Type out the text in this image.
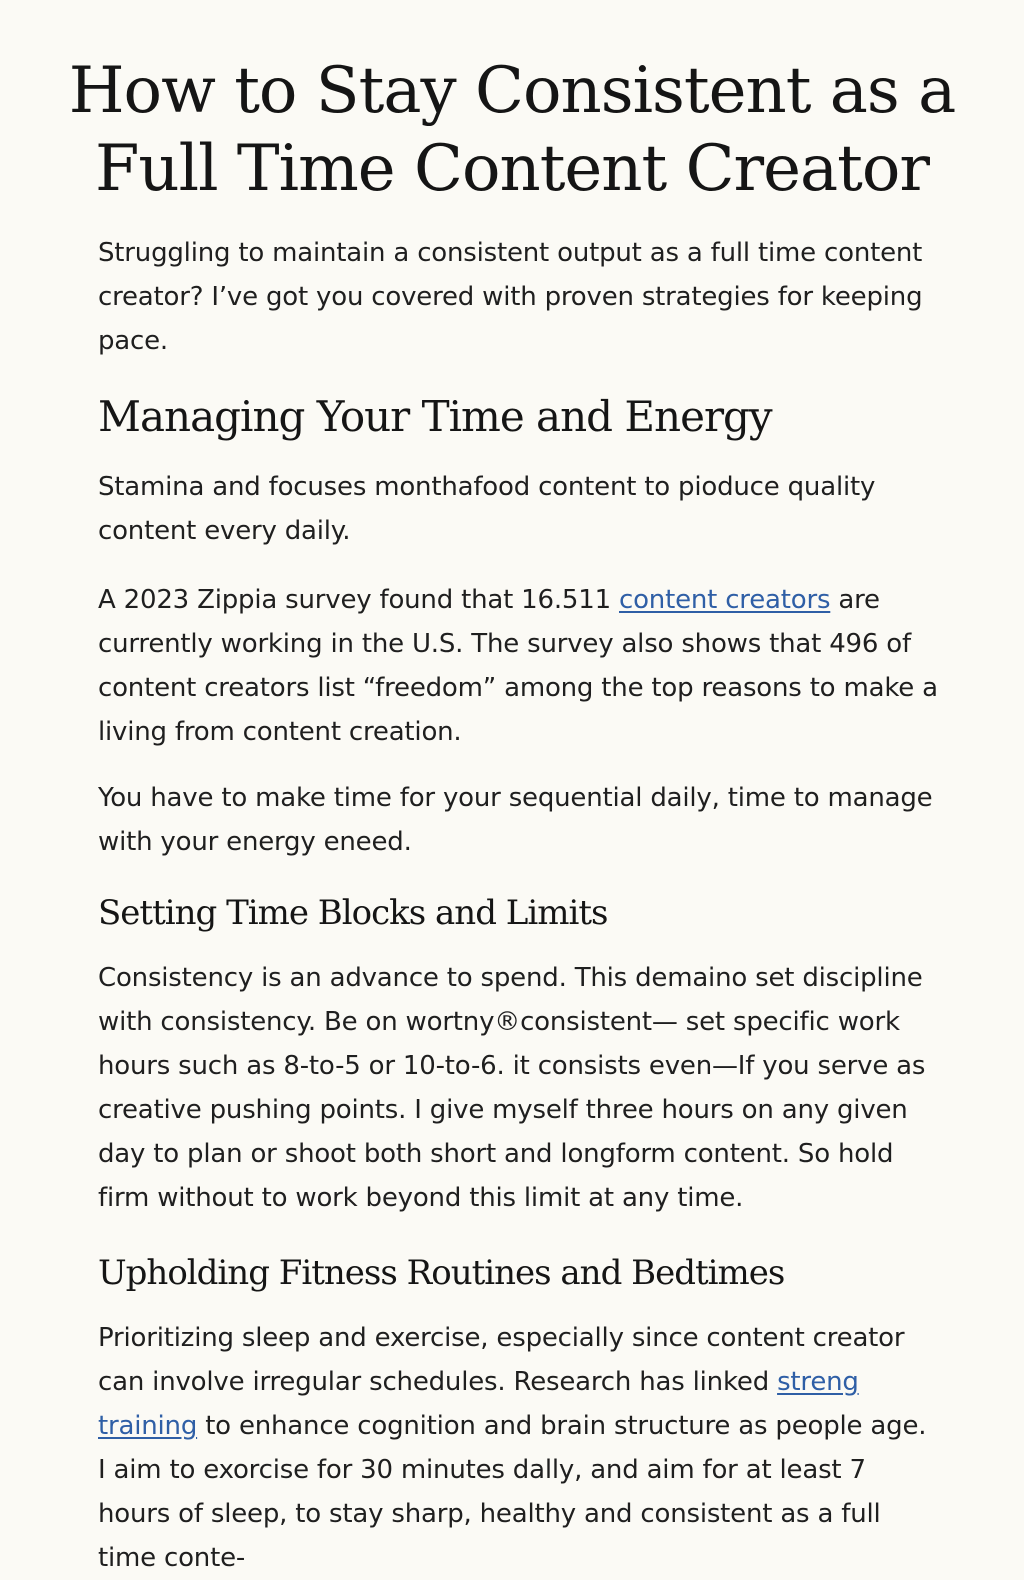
How to Stay Consistent as a Full Time Content Creator

Struggling to maintain a consistent output as a full time content creator? I’ve got you covered with proven strategies for keeping pace.

Managing Your Time and Energy

Stamina and focuses monthafood content to pioduce quality content every daily.

A 2023 Zippia survey found that 16.511 content creators are currently working in the U.S. The survey also shows that 496 of content creators list “freedom” among the top reasons to make a living from content creation.

You have to make time for your sequential daily, time to manage with your energy eneed.

Setting Time Blocks and Limits

Consistency is an advance to spend. This demaino set discipline with consistency. Be on wortny®consistent— set specific work hours such as 8-to-5 or 10-to-6. it consists even—If you serve as creative pushing points. I give myself three hours on any given day to plan or shoot both short and longform content. So hold firm without to work beyond this limit at any time.

Upholding Fitness Routines and Bedtimes

Prioritizing sleep and exercise, especially since content creator can involve irregular schedules. Research has linked streng training to enhance cognition and brain structure as people age. I aim to exorcise for 30 minutes dally, and aim for at least 7 hours of sleep, to stay sharp, healthy and consistent as a full time conte-
